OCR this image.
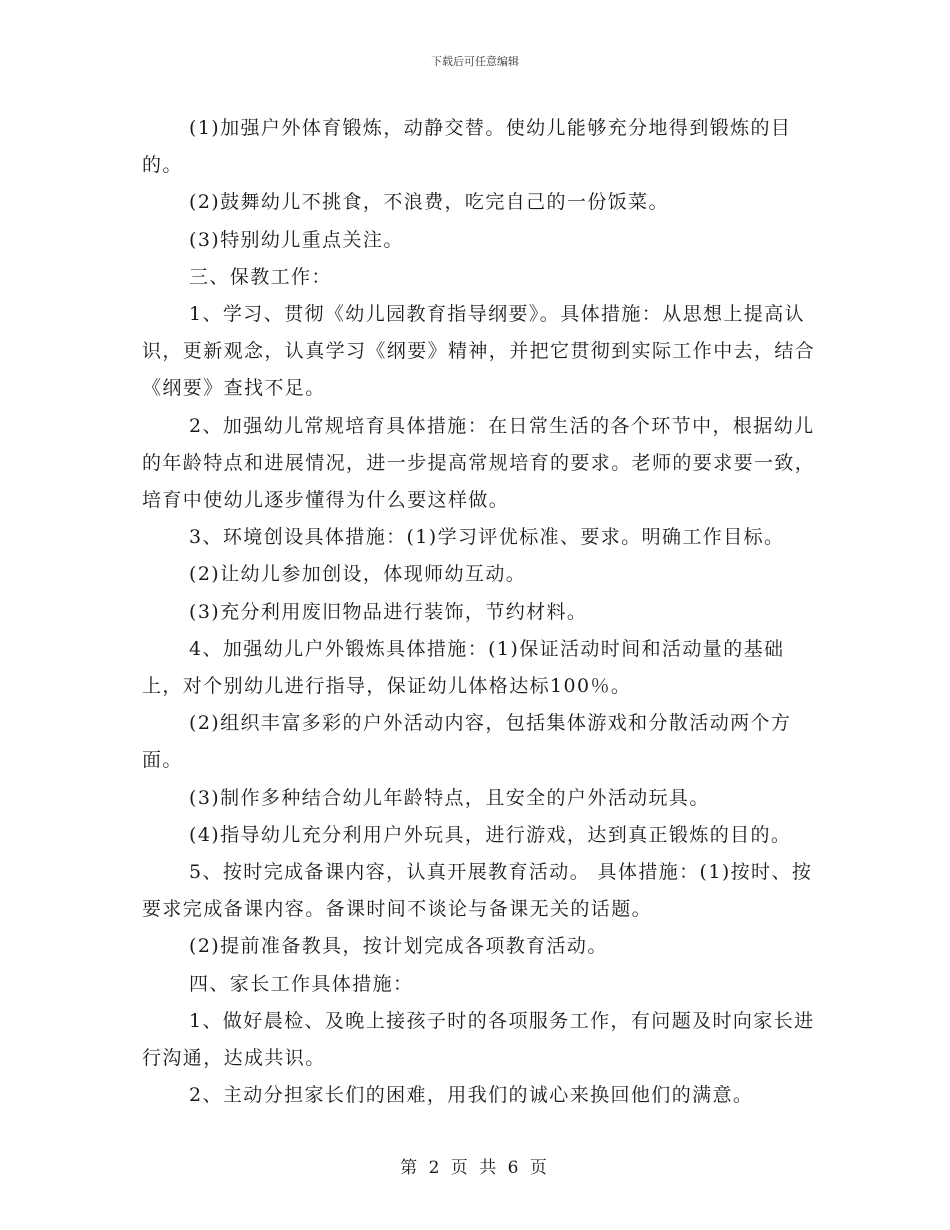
下载后可任意编辑

(1)加强户外体育锻炼，动静交替。使幼儿能够充分地得到锻炼的目的。

(2)鼓舞幼儿不挑食，不浪费，吃完自己的一份饭菜。

(3)特别幼儿重点关注。

三、保教工作：

1、学习、贯彻《幼儿园教育指导纲要》。具体措施：从思想上提高认识，更新观念，认真学习《纲要》精神，并把它贯彻到实际工作中去，结合《纲要》查找不足。

2、加强幼儿常规培育具体措施：在日常生活的各个环节中，根据幼儿的年龄特点和进展情况，进一步提高常规培育的要求。老师的要求要一致，培育中使幼儿逐步懂得为什么要这样做。

3、环境创设具体措施：(1)学习评优标准、要求。明确工作目标。

(2)让幼儿参加创设，体现师幼互动。

(3)充分利用废旧物品进行装饰，节约材料。

4、加强幼儿户外锻炼具体措施：(1)保证活动时间和活动量的基础上，对个别幼儿进行指导，保证幼儿体格达标100％。

(2)组织丰富多彩的户外活动内容，包括集体游戏和分散活动两个方面。

(3)制作多种结合幼儿年龄特点，且安全的户外活动玩具。

(4)指导幼儿充分利用户外玩具，进行游戏，达到真正锻炼的目的。

5、按时完成备课内容，认真开展教育活动。 具体措施：(1)按时、按要求完成备课内容。备课时间不谈论与备课无关的话题。

(2)提前准备教具，按计划完成各项教育活动。

四、家长工作具体措施：

1、做好晨检、及晚上接孩子时的各项服务工作，有问题及时向家长进行沟通，达成共识。

2、主动分担家长们的困难，用我们的诚心来换回他们的满意。

第 2 页 共 6 页
